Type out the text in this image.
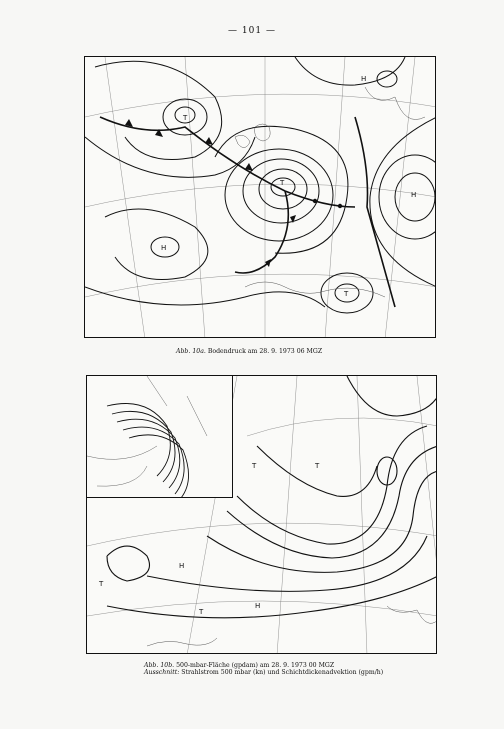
— 101 —
H
T
T
T
H
H
Abb. 10a. Bodendruck am 28. 9. 1973 06 MGZ
T
T
H
T
H
T
Abb. 10b. 500-mbar-Fläche (gpdam) am 28. 9. 1973 00 MGZ
Ausschnitt: Strahlstrom 500 mbar (kn) und Schichtdickenadvektion (gpm/h)
